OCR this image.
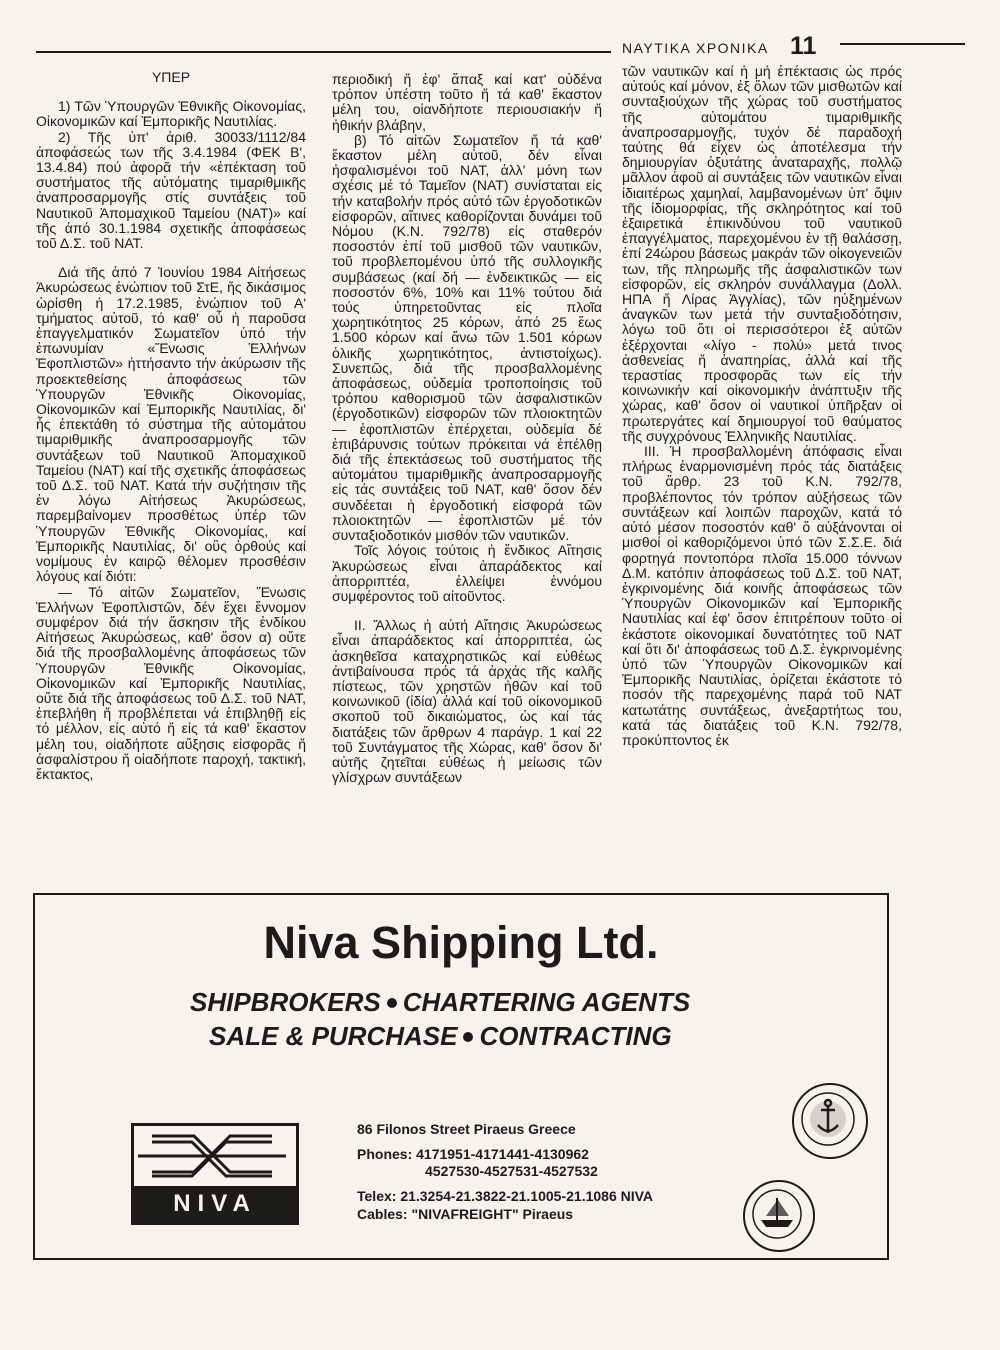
ΝΑΥΤΙΚΑ ΧΡΟΝΙΚΑ 11

ΥΠΕΡ

1) Τῶν Ὑπουργῶν Ἐθνικῆς Οἰκονομίας, Οἰκονομικῶν καί Ἐμπορικῆς Ναυτιλίας.

2) Τῆς ὑπ' ἀριθ. 30033/1112/84 ἀποφάσεώς των τῆς 3.4.1984 (ΦΕΚ Β', 13.4.84) πού ἀφορᾶ τήν «ἐπέκταση τοῦ συστήματος τῆς αὐτόματης τιμαριθμικῆς ἀναπροσαρμογῆς στίς συντάξεις τοῦ Ναυτικοῦ Ἀπομαχικοῦ Ταμείου (ΝΑΤ)» καί τῆς ἀπό 30.1.1984 σχετικῆς ἀποφάσεως τοῦ Δ.Σ. τοῦ ΝΑΤ.

Διά τῆς ἀπό 7 Ἰουνίου 1984 Αἰτήσεως Ἀκυρώσεως ἐνώπιον τοῦ ΣτΕ, ἥς δικάσιμος ὡρίσθη ἡ 17.2.1985, ἐνώπιον τοῦ Α' τμήματος αὐτοῦ, τό καθ' οὗ ἡ παροῦσα ἐπαγγελματικόν Σωματεῖον ὑπό τήν ἐπωνυμίαν «Ἕνωσις Ἑλλήνων Ἐφοπλιστῶν» ἠττήσαντο τήν ἀκύρωσιν τῆς προεκτεθείσης ἀποφάσεως τῶν Ὑπουργῶν Ἐθνικῆς Οἰκονομίας, Οἰκονομικῶν καί Ἐμπορικῆς Ναυτιλίας, δι' ἧς ἐπεκτάθη τό σύστημα τῆς αὐτομάτου τιμαριθμικῆς ἀναπροσαρμογῆς τῶν συντάξεων τοῦ Ναυτικοῦ Ἀπομαχικοῦ Ταμείου (ΝΑΤ) καί τῆς σχετικῆς ἀποφάσεως τοῦ Δ.Σ. τοῦ ΝΑΤ. Κατά τήν συζήτησιν τῆς ἐν λόγω Αἰτήσεως Ἀκυρώσεως, παρεμβαίνομεν προσθέτως ὑπέρ τῶν Ὑπουργῶν Ἐθνικῆς Οἰκονομίας, καί Ἐμπορικῆς Ναυτιλίας, δι' οὓς ὀρθούς καί νομίμους ἐν καιρῷ θέλομεν προσθέσιν λόγους καί διότι:

— Τό αἰτῶν Σωματεῖον, Ἕνωσις Ἑλλήνων Ἐφοπλιστῶν, δέν ἔχει ἔννομον συμφέρον διά τήν ἄσκησιν τῆς ἐνδίκου Αἰτήσεως Ἀκυρώσεως, καθ' ὅσον α) οὔτε διά τῆς προσβαλλομένης ἀποφάσεως τῶν Ὑπουργῶν Ἐθνικῆς Οἰκονομίας, Οἰκονομικῶν καί Ἐμπορικῆς Ναυτιλίας, οὔτε διά τῆς ἀποφάσεως τοῦ Δ.Σ. τοῦ ΝΑΤ, ἐπεβλήθη ἤ προβλέπεται νά ἐπιβληθῇ εἰς τό μέλλον, εἰς αὐτό ἤ εἰς τά καθ' ἕκαστον μέλη του, οἱαδήποτε αὔξησις εἰσφορᾶς ἤ ἀσφαλίστρου ἤ οἱαδήποτε παροχή, τακτική, ἔκτακτος,

περιοδική ἤ ἐφ' ἅπαξ καί κατ' οὐδένα τρόπον ὑπέστη τοῦτο ἤ τά καθ' ἕκαστον μέλη του, οἱανδήποτε περιουσιακήν ἤ ἠθικήν βλάβην,

β) Τό αἰτῶν Σωματεῖον ἤ τά καθ' ἕκαστον μέλη αὐτοῦ, δέν εἶναι ἠσφαλισμένοι τοῦ ΝΑΤ, ἀλλ' μόνη των σχέσις μέ τό Ταμεῖον (ΝΑΤ) συνίσταται εἰς τήν καταβολήν πρός αὐτό τῶν ἐργοδοτικῶν εἰσφορῶν, αἵτινες καθορίζονται δυνάμει τοῦ Νόμου (Κ.Ν. 792/78) εἰς σταθερόν ποσοστόν ἐπί τοῦ μισθοῦ τῶν ναυτικῶν, τοῦ προβλεπομένου ὑπό τῆς συλλογικῆς συμβάσεως (καί δή — ἐνδεικτικῶς — εἰς ποσοστόν 6%, 10% και 11% τούτου διά τούς ὑπηρετοῦντας εἰς πλοῖα χωρητικότητος 25 κόρων, ἀπό 25 ἕως 1.500 κόρων καί ἄνω τῶν 1.501 κόρων ὁλικῆς χωρητικότητος, ἀντιστοίχως). Συνεπῶς, διά τῆς προσβαλλομένης ἀποφάσεως, οὐδεμία τροποποίησις τοῦ τρόπου καθορισμοῦ τῶν ἀσφαλιστικῶν (ἐργοδοτικῶν) εἰσφορῶν τῶν πλοιοκτητῶν — ἐφοπλιστῶν ἐπέρχεται, οὐδεμία δέ ἐπιβάρυνσις τούτων πρόκειται νά ἐπέλθῃ διά τῆς ἐπεκτάσεως τοῦ συστήματος τῆς αὐτομάτου τιμαριθμικῆς ἀναπροσαρμογῆς εἰς τάς συντάξεις τοῦ ΝΑΤ, καθ' ὅσον δέν συνδέεται ἡ ἐργοδοτική εἰσφορά τῶν πλοιοκτητῶν — ἐφοπλιστῶν μέ τόν συνταξιοδοτικόν μισθόν τῶν ναυτικῶν.

Τοῖς λόγοις τούτοις ἡ ἔνδικος Αἴτησις Ἀκυρώσεως εἶναι ἀπαράδεκτος καί ἀπορριπτέα, ἐλλείψει ἐννόμου συμφέροντος τοῦ αἰτοῦντος.

ΙΙ. Ἄλλως ἡ αὐτή Αἴτησις Ἀκυρώσεως εἶναι ἀπαράδεκτος καί ἀπορριπτέα, ὡς ἀσκηθεῖσα καταχρηστικῶς καί εὐθέως ἀντιβαίνουσα πρός τά ἀρχάς τῆς καλῆς πίστεως, τῶν χρηστῶν ἠθῶν καί τοῦ κοινωνικοῦ (ἰδία) ἀλλά καί τοῦ οἰκονομικοῦ σκοποῦ τοῦ δικαιώματος, ὡς καί τάς διατάξεις τῶν ἄρθρων 4 παράγρ. 1 καί 22 τοῦ Συντάγματος τῆς Χώρας, καθ' ὅσον δι' αὐτῆς ζητεῖται εὐθέως ἡ μείωσις τῶν γλίσχρων συντάξεων

τῶν ναυτικῶν καί ἡ μή ἐπέκτασις ὡς πρός αὐτούς καί μόνον, ἐξ ὅλων τῶν μισθωτῶν καί συνταξιούχων τῆς χώρας τοῦ συστήματος τῆς αὐτομάτου τιμαριθμικῆς ἀναπροσαρμογῆς, τυχόν δέ παραδοχή ταύτης θά εἶχεν ὡς ἀποτέλεσμα τήν δημιουργίαν ὀξυτάτης ἀναταραχῆς, πολλῷ μᾶλλον ἀφοῦ αἱ συντάξεις τῶν ναυτικῶν εἶναι ἰδιαιτέρως χαμηλαί, λαμβανομένων ὑπ' ὄψιν τῆς ἰδιομορφίας, τῆς σκληρότητος καί τοῦ ἐξαιρετικά ἐπικινδύνου τοῦ ναυτικοῦ ἐπαγγέλματος, παρεχομένου ἐν τῇ θαλάσσῃ, ἐπί 24ώρου βάσεως μακράν τῶν οἰκογενειῶν των, τῆς πληρωμῆς τῆς ἀσφαλιστικῶν των εἰσφορῶν, εἰς σκληρόν συνάλλαγμα (Δολλ. ΗΠΑ ἤ Λίρας Ἀγγλίας), τῶν ηὐξημένων ἀναγκῶν των μετά τήν συνταξιοδότησιν, λόγω τοῦ ὅτι οἱ περισσότεροι ἐξ αὐτῶν ἐξέρχονται «λίγο - πολύ» μετά τινος ἀσθενείας ἤ ἀναπηρίας, ἀλλά καί τῆς τεραστίας προσφορᾶς των εἰς τήν κοινωνικήν καί οἰκονομικήν ἀνάπτυξιν τῆς χώρας, καθ' ὅσον οἱ ναυτικοί ὑπῆρξαν οἱ πρωτεργάτες καί δημιουργοί τοῦ θαύματος τῆς συγχρόνους Ἑλληνικῆς Ναυτιλίας.

ΙΙΙ. Ἡ προσβαλλομένη ἀπόφασις εἶναι πλήρως ἐναρμονισμένη πρός τάς διατάξεις τοῦ ἄρθρ. 23 τοῦ Κ.Ν. 792/78, προβλέποντος τόν τρόπον αὐξήσεως τῶν συντάξεων καί λοιπῶν παροχῶν, κατά τό αὐτό μέσον ποσοστόν καθ' ὅ αὐξάνονται οἱ μισθοί οἱ καθοριζόμενοι ὑπό τῶν Σ.Σ.Ε. διά φορτηγά ποντοπόρα πλοῖα 15.000 τόννων Δ.Μ. κατόπιν ἀποφάσεως τοῦ Δ.Σ. τοῦ ΝΑΤ, ἐγκρινομένης διά κοινῆς ἀποφάσεως τῶν Ὑπουργῶν Οἰκονομικῶν καί Ἐμπορικῆς Ναυτιλίας καί ἐφ' ὅσον ἐπιτρέπουν τοῦτο οἱ ἑκάστοτε οἰκονομικαί δυνατότητες τοῦ ΝΑΤ καί ὅτι δι' ἀποφάσεως τοῦ Δ.Σ. ἐγκρινομένης ὑπό τῶν Ὑπουργῶν Οἰκονομικῶν καί Ἐμπορικῆς Ναυτιλίας, ὁρίζεται ἑκάστοτε τό ποσόν τῆς παρεχομένης παρά τοῦ ΝΑΤ κατωτάτης συντάξεως, ἀνεξαρτήτως του, κατά τάς διατάξεις τοῦ Κ.Ν. 792/78, προκύπτοντος ἐκ

Niva Shipping Ltd.
SHIPBROKERS CHARTERING AGENTS
SALE & PURCHASE CONTRACTING
NIVA
86 Filonos Street Piraeus Greece
Phones: 4171951-4171441-4130962
4527530-4527531-4527532
Telex: 21.3254-21.3822-21.1005-21.1086 NIVA
Cables: "NIVAFREIGHT" Piraeus
